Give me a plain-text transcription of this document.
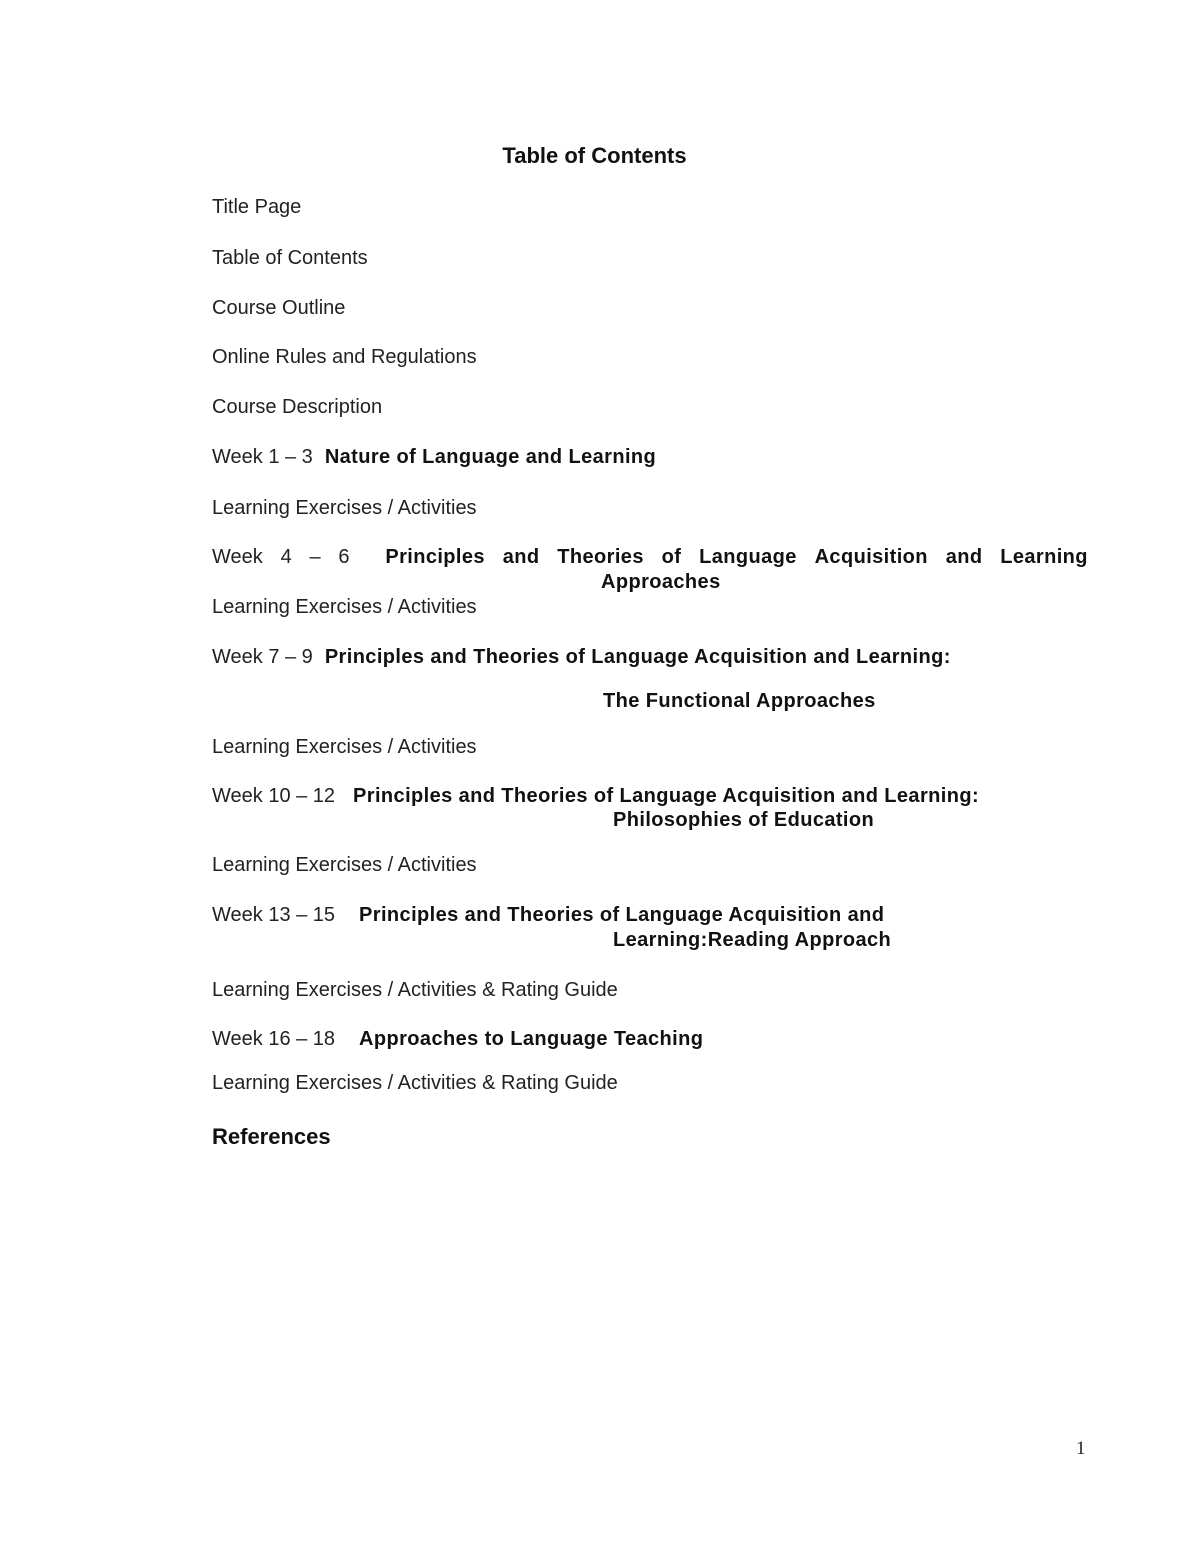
Table of Contents
Title Page
Table of Contents
Course Outline
Online Rules and Regulations
Course Description
Week 1 – 3 Nature of Language and Learning
Learning Exercises / Activities
Week 4 – 6 Principles and Theories of Language Acquisition and Learning
Approaches
Learning Exercises / Activities
Week 7 – 9 Principles and Theories of Language Acquisition and Learning:
The Functional Approaches
Learning Exercises / Activities
Week 10 – 12 Principles and Theories of Language Acquisition and Learning:
Philosophies of Education
Learning Exercises / Activities
Week 13 – 15 Principles and Theories of Language Acquisition and
Learning:Reading Approach
Learning Exercises / Activities & Rating Guide
Week 16 – 18 Approaches to Language Teaching
Learning Exercises / Activities & Rating Guide
References
1
